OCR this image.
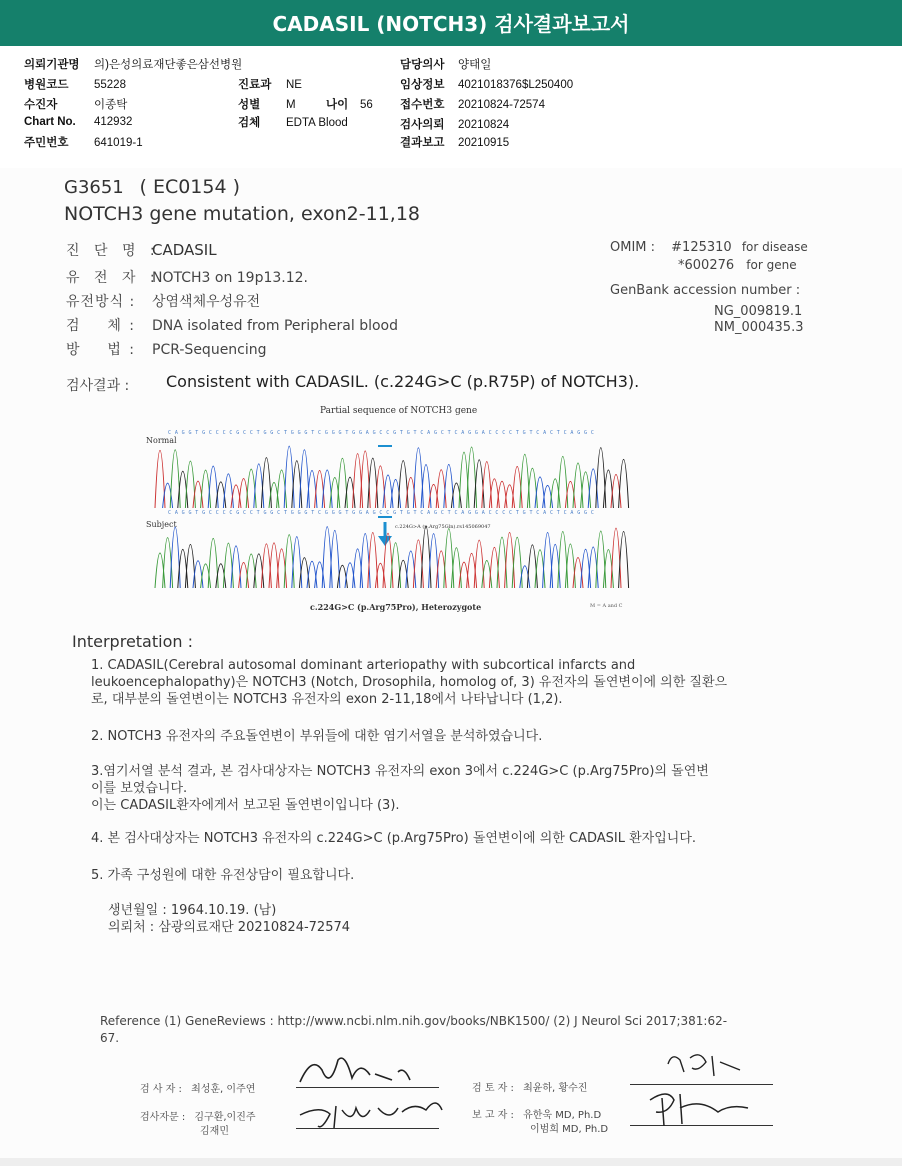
CADASIL (NOTCH3) 검사결과보고서
의뢰기관명 의)은성의료재단좋은삼선병원
병원코드 55228
수진자	이종탁
Chart No. 412932
주민번호 641019-1
진료과 NE
성별 M	나이 56
검체 EDTA Blood
담당의사 양태일
임상정보 4021018376$L250400
접수번호 20210824-72574
검사의뢰 20210824
결과보고 20210915
G3651 ( EC0154 )
NOTCH3 gene mutation, exon2-11,18
진 단 명 :CADASIL
유 전 자 :NOTCH3 on 19p13.12.
유전방식 : 상염색체우성유전
검    체 : DNA isolated from Peripheral blood
방    법 : PCR-Sequencing
OMIM : #125310 for disease
*600276 for gene
GenBank accession number :
NG_009819.1
NM_000435.3
검사결과 : Consistent with CADASIL. (c.224G>C (p.R75P) of NOTCH3).
Partial sequence of NOTCH3 gene
Normal
C A G G T G C C C C G C C T G G C T G G G T C G G G T G G A G C C G T G T C A G C T C A G G A C C C C T G T C A C T C A G G C
Subject
C A G G T G C C C C G C C T G G C T G G G T C G G G T G G A G C C G T G T C A G C T C A G G A C C C C T G T C A C T C A G G C
c.224G>A (p.Arg75Gln).rs145069047
c.224G>C (p.Arg75Pro), Heterozygote	M = A and C
Interpretation :
1. CADASIL(Cerebral autosomal dominant arteriopathy with subcortical infarcts and
leukoencephalopathy)은 NOTCH3 (Notch, Drosophila, homolog of, 3) 유전자의 돌연변이에 의한 질환으
로, 대부분의 돌연변이는 NOTCH3 유전자의 exon 2-11,18에서 나타납니다 (1,2).
2. NOTCH3 유전자의 주요돌연변이 부위들에 대한 염기서열을 분석하였습니다.
3.염기서열 분석 결과, 본 검사대상자는 NOTCH3 유전자의 exon 3에서 c.224G>C (p.Arg75Pro)의 돌연변
이를 보였습니다.
이는 CADASIL환자에게서 보고된 돌연변이입니다 (3).
4. 본 검사대상자는 NOTCH3 유전자의 c.224G>C (p.Arg75Pro) 돌연변이에 의한 CADASIL 환자입니다.
5. 가족 구성원에 대한 유전상담이 필요합니다.
생년월일 : 1964.10.19. (남)
의뢰처 : 삼광의료재단 20210824-72574
Reference (1) GeneReviews : http://www.ncbi.nlm.nih.gov/books/NBK1500/ (2) J Neurol Sci 2017;381:62-
67.
검 사 자 : 최성훈, 이주연
검사자문 : 김구환,이진주
김재민
검 토 자 : 최윤하, 황수진
보 고 자 : 유한욱 MD, Ph.D
이범희 MD, Ph.D
